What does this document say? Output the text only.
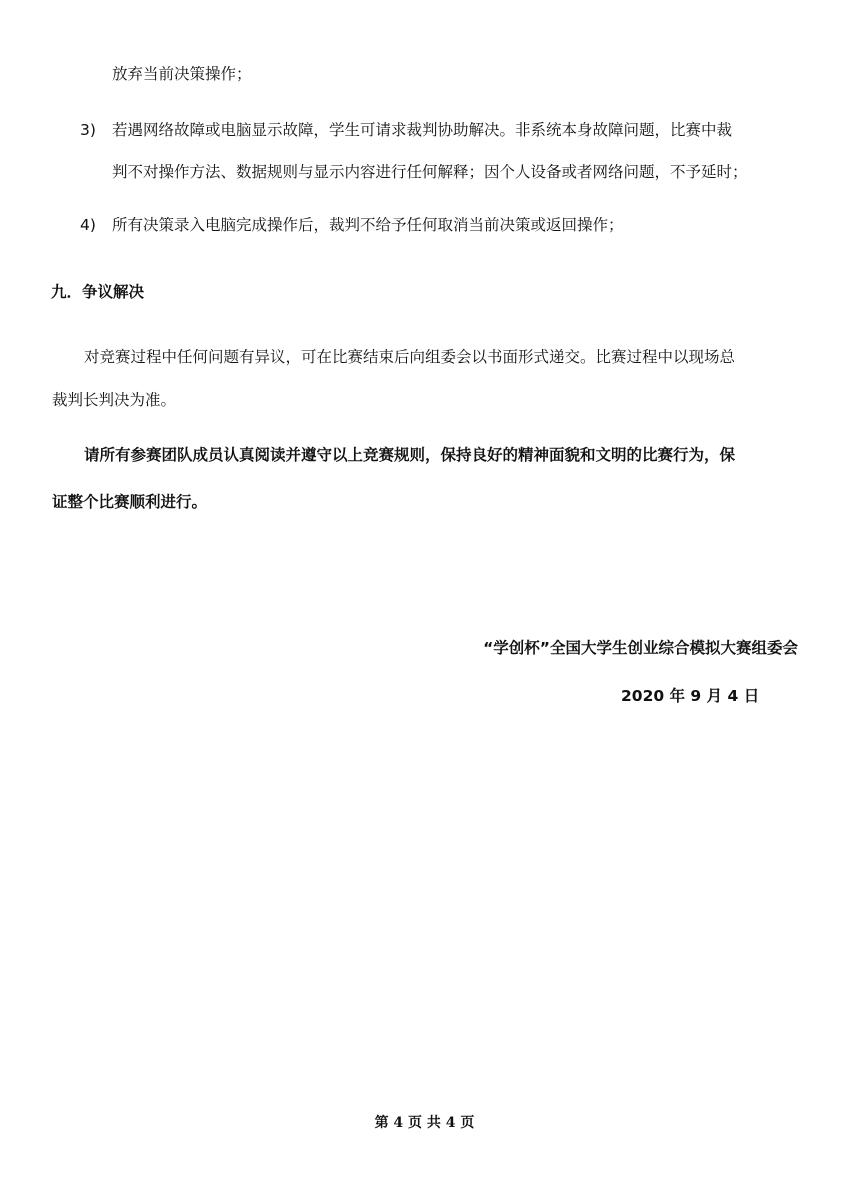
放弃当前决策操作；
3) 若遇网络故障或电脑显示故障，学生可请求裁判协助解决。非系统本身故障问题，比赛中裁
判不对操作方法、数据规则与显示内容进行任何解释；因个人设备或者网络问题，不予延时；
4) 所有决策录入电脑完成操作后，裁判不给予任何取消当前决策或返回操作；
九．争议解决
对竞赛过程中任何问题有异议，可在比赛结束后向组委会以书面形式递交。比赛过程中以现场总
裁判长判决为准。
请所有参赛团队成员认真阅读并遵守以上竞赛规则，保持良好的精神面貌和文明的比赛行为，保
证整个比赛顺利进行。
“学创杯”全国大学生创业综合模拟大赛组委会
2020 年 9 月 4 日
第 4 页 共 4 页
